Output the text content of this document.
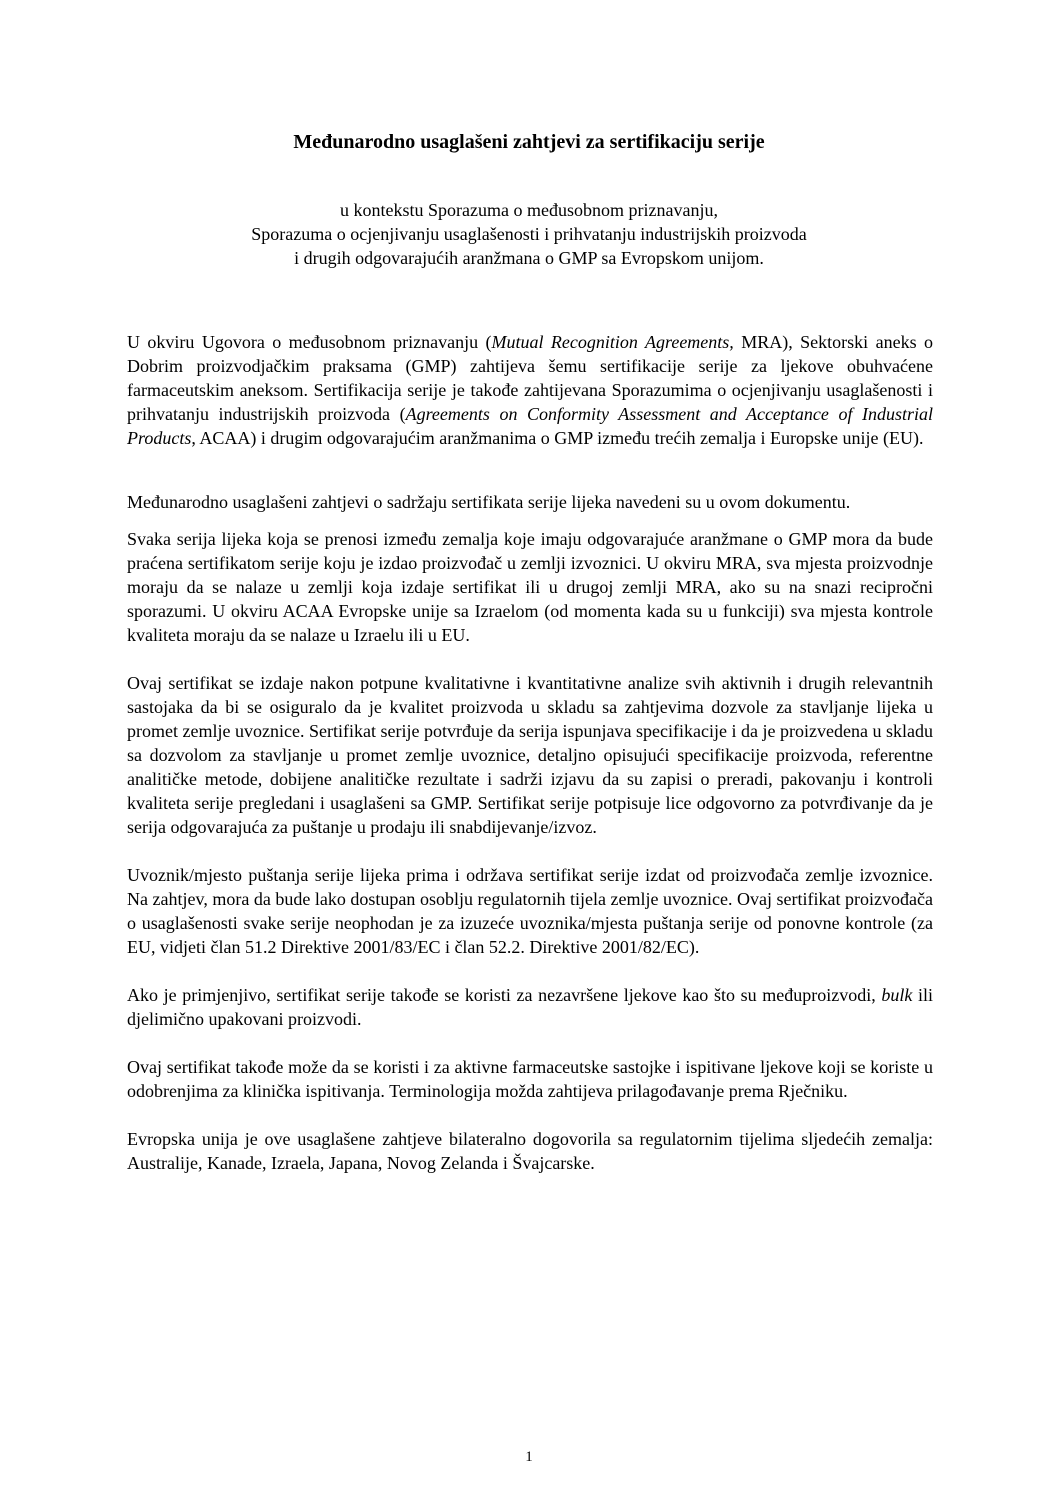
Međunarodno usaglašeni zahtjevi za sertifikaciju serije
u kontekstu Sporazuma o međusobnom priznavanju,
Sporazuma o ocjenjivanju usaglašenosti i prihvatanju industrijskih proizvoda
i drugih odgovarajućih aranžmana o GMP sa Evropskom unijom.

U okviru Ugovora o međusobnom priznavanju (Mutual Recognition Agreements, MRA), Sektorski aneks o Dobrim proizvodjačkim praksama (GMP) zahtijeva šemu sertifikacije serije za ljekove obuhvaćene farmaceutskim aneksom. Sertifikacija serije je takođe zahtijevana Sporazumima o ocjenjivanju usaglašenosti i prihvatanju industrijskih proizvoda (Agreements on Conformity Assessment and Acceptance of Industrial Products, ACAA) i drugim odgovarajućim aranžmanima o GMP između trećih zemalja i Europske unije (EU).

Međunarodno usaglašeni zahtjevi o sadržaju sertifikata serije lijeka navedeni su u ovom dokumentu.

Svaka serija lijeka koja se prenosi između zemalja koje imaju odgovarajuće aranžmane o GMP mora da bude praćena sertifikatom serije koju je izdao proizvođač u zemlji izvoznici. U okviru MRA, sva mjesta proizvodnje moraju da se nalaze u zemlji koja izdaje sertifikat ili u drugoj zemlji MRA, ako su na snazi recipročni sporazumi. U okviru ACAA Evropske unije sa Izraelom (od momenta kada su u funkciji) sva mjesta kontrole kvaliteta moraju da se nalaze u Izraelu ili u EU.

Ovaj sertifikat se izdaje nakon potpune kvalitativne i kvantitativne analize svih aktivnih i drugih relevantnih sastojaka da bi se osiguralo da je kvalitet proizvoda u skladu sa zahtjevima dozvole za stavljanje lijeka u promet zemlje uvoznice. Sertifikat serije potvrđuje da serija ispunjava specifikacije i da je proizvedena u skladu sa dozvolom za stavljanje u promet zemlje uvoznice, detaljno opisujući specifikacije proizvoda, referentne analitičke metode, dobijene analitičke rezultate i sadrži izjavu da su zapisi o preradi, pakovanju i kontroli kvaliteta serije pregledani i usaglašeni sa GMP. Sertifikat serije potpisuje lice odgovorno za potvrđivanje da je serija odgovarajuća za puštanje u prodaju ili snabdijevanje/izvoz.

Uvoznik/mjesto puštanja serije lijeka prima i održava sertifikat serije izdat od proizvođača zemlje izvoznice. Na zahtjev, mora da bude lako dostupan osoblju regulatornih tijela zemlje uvoznice. Ovaj sertifikat proizvođača o usaglašenosti svake serije neophodan je za izuzeće uvoznika/mjesta puštanja serije od ponovne kontrole (za EU, vidjeti član 51.2 Direktive 2001/83/EC i član 52.2. Direktive 2001/82/EC).

Ako je primjenjivo, sertifikat serije takođe se koristi za nezavršene ljekove kao što su međuproizvodi, bulk ili djelimično upakovani proizvodi.

Ovaj sertifikat takođe može da se koristi i za aktivne farmaceutske sastojke i ispitivane ljekove koji se koriste u odobrenjima za klinička ispitivanja. Terminologija možda zahtijeva prilagođavanje prema Rječniku.

Evropska unija je ove usaglašene zahtjeve bilateralno dogovorila sa regulatornim tijelima sljedećih zemalja: Australije, Kanade, Izraela, Japana, Novog Zelanda i Švajcarske.

1
